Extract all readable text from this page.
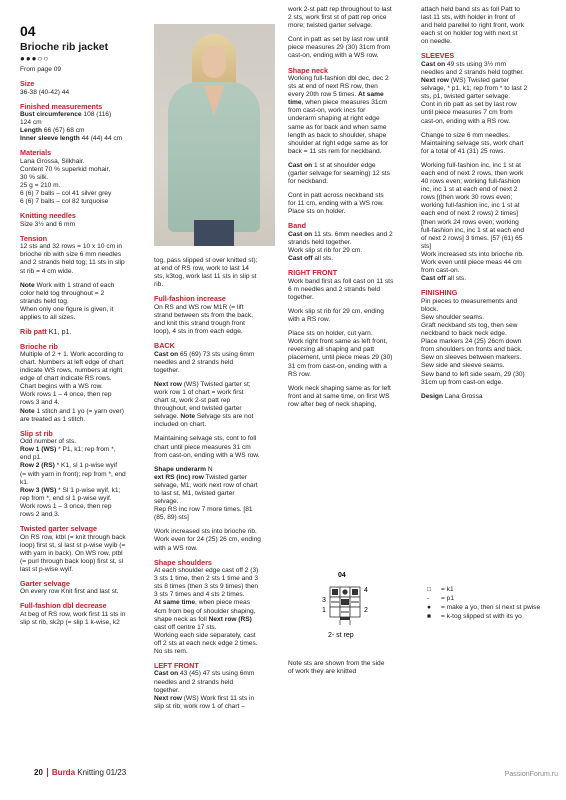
04
Brioche rib jacket
●●●○○
From page 09
Size
36-38 (40-42) 44
Finished measurements
Bust circumference 108 (116)
124 cm
Length 66 (67) 68 cm
Inner sleeve length 44 (44) 44 cm
Materials
Lana Grossa, Silkhair.
Content 70 % superkid mohair,
30 % silk.
25 g = 210 m.
6 (6) 7 balls – col 41 silver grey
6 (6) 7 balls – col 82 turquoise
Knitting needles
Size 3½ and 6 mm
Tension
12 sts and 32 rows = 10 x 10 cm in
brioche rib with size 6 mm needles
and 2 strands held tog; 11 sts in slip
st rib = 4 cm wide.
Note Work with 1 strand of each
color held tog throughout = 2
strands held tog.
When only one figure is given, it
applies to all sizes.
Rib patt K1, p1.
Brioche rib
Multiple of 2 + 1. Work according to
chart. Numbers at left edge of chart
indicate WS rows, numbers at right
edge of chart indicate RS rows.
Chart begins with a WS row.
Work rows 1 – 4 once, then rep
rows 3 and 4.
Note 1 stitch and 1 yo (= yarn over)
are treated as 1 stitch.
Slip st rib
Odd number of sts.
Row 1 (WS) * P1, k1; rep from *,
end p1.
Row 2 (RS) * K1, sl 1 p-wise wyif
(= with yarn in front); rep from *, end
k1.
Row 3 (WS) * Sl 1 p-wise wyif, k1;
rep from *, end sl 1 p-wise wyif.
Work rows 1 – 3 once, then rep
rows 2 and 3.
Twisted garter selvage
On RS row, ktbl (= knit through back
loop) first st, sl last st p-wise wyib (=
with yarn in back). On WS row, ptbl
(= purl through back loop) first st, sl
last st p-wise wyif.
Garter selvage
On every row Knit first and last st.
Full-fashion dbl decrease
At beg of RS row, work first 11 sts in
slip st rib, sk2p (= slip 1 k-wise, k2
tog, pass slipped st over knitted st);
at end of RS row, work to last 14
sts, k3tog, work last 11 sts in slip st
rib.
Full-fashion increase
On RS and WS row M1R (= lift
strand between sts from the back,
and knit this strand trough front
loop), 4 sts in from each edge.
BACK
Cast on 65 (69) 73 sts using 6mm
needles and 2 strands held
together.
Next row (WS) Twisted garter st;
work row 1 of chart = work first
chart st, work 2-st patt rep
throughout, end twisted garter
selvage. Note Selvage sts are not
included on chart.
Maintaining selvage sts, cont to foll
chart until piece measures 31 cm
from cast-on, ending with a WS row.
Shape underarm N
ext RS (inc) row Twisted garter
selvage, M1, work next row of chart
to last st, M1, twisted garter
selvage.
Rep RS inc row 7 more times. [81
(85, 89) sts]
Work increased sts into brioche rib.
Work even for 24 (25) 26 cm, ending
with a WS row.
Shape shoulders
At each shoulder edge cast off 2 (3)
3 sts 1 time, then 2 sts 1 time and 3
sts 8 times (then 3 sts 9 times) then
3 sts 7 times and 4 sts 2 times.
At same time, when piece meas
4cm from beg of shoulder shaping,
shape neck as foll Next row (RS)
cast off centre 17 sts.
Working each side separately, cast
off 2 sts at each neck edge 2 times.
No sts rem.
LEFT FRONT
Cast on 43 (45) 47 sts using 6mm
needles and 2 strands held
together.
Next row (WS) Work first 11 sts in
slip st rib; work row 1 of chart –
work 2-st patt rep throughout to last
2 sts, work first st of patt rep once
more; twisted garter selvage.
Cont in patt as set by last row until
piece measures 29 (30) 31cm from
cast-on, ending with a WS row.
Shape neck
Working full-fashion dbl dec, dec 2
sts at end of next RS row, then
every 20th row 5 times. At same
time, when piece measures 31cm
from cast-on, work incs for
underarm shaping at right edge
same as for back and when same
length as back to shoulder, shape
shoulder at right edge same as for
back = 11 sts rem for neckband.
Cast on 1 st at shoulder edge
(garter selvage for seaming) 12 sts
for neckband.
Cont in patt across neckband sts
for 11 cm, ending with a WS row.
Place sts on holder.
Band
Cast on 11 sts. 6mm needles and 2
strands held together.
Work slip st rib for 29 cm.
Cast off all sts.
RIGHT FRONT
Work band first as foll cast on 11 sts
6 m needles and 2 strands held
together.
Work slip st rib for 29 cm, ending
with a RS row.
Place sts on holder, cut yarn.
Work right front same as left front,
reversing all shaping and patt
placement, until piece meas 29 (30)
31 cm from cast-on, ending with a
RS row.
Work neck shaping same as for left
front and at same time, on first WS
row after beg of neck shaping,
attach held band sts as foll Patt to
last 11 sts, with holder in front of
and held parellel to right front, work
each st on holder tog with next st
on needle.
SLEEVES
Cast on 49 sts using 3½ mm
needles and 2 strands held togther.
Next row (WS) Twisted garter
selvage, * p1, k1; rep from * to last 2
sts, p1, twisted garter selvage.
Cont in rib patt as set by last row
until piece measures 7 cm from
cast-on, ending with a RS row.
Change to size 6 mm needles.
Maintaining selvage sts, work chart
for a total of 41 (31) 25 rows.
Working full-fashion inc, inc 1 st at
each end of next 2 rows, then work
40 rows even; working full-fashion
inc, inc 1 st at each end of next 2
rows [(then work 30 rows even;
working full-fashion inc, inc 1 st at
each end of next 2 rows) 2 times]
[then work 24 rows even; working
full-fashion inc, inc 1 st at each end
of next 2 rows] 3 times. [57 (61) 65
sts]
Work increased sts into brioche rib.
Work even until piece meas 44 cm
from cast-on.
Cast off all sts.
FINISHING
Pin pieces to measurements and
block.
Sew shoulder seams.
Graft neckband sts tog, then sew
neckband to back neck edge.
Place markers 24 (25) 26cm down
from shoulders on fronts and back.
Sew on sleeves between markers.
Sew side and sleeve seams.
Sew band to left side seam, 29 (30)
31cm up from cast-on edge.
Design Lana Grossa
04
3
1
4
2
2- st rep
□ = k1
- = p1
● = make a yo, then sl next st pwise
■ = k-tog slipped st with its yo
Note sts are shown from the side
of work they are knitted
20 Burda Knitting 01/23	PassionForum.ru
